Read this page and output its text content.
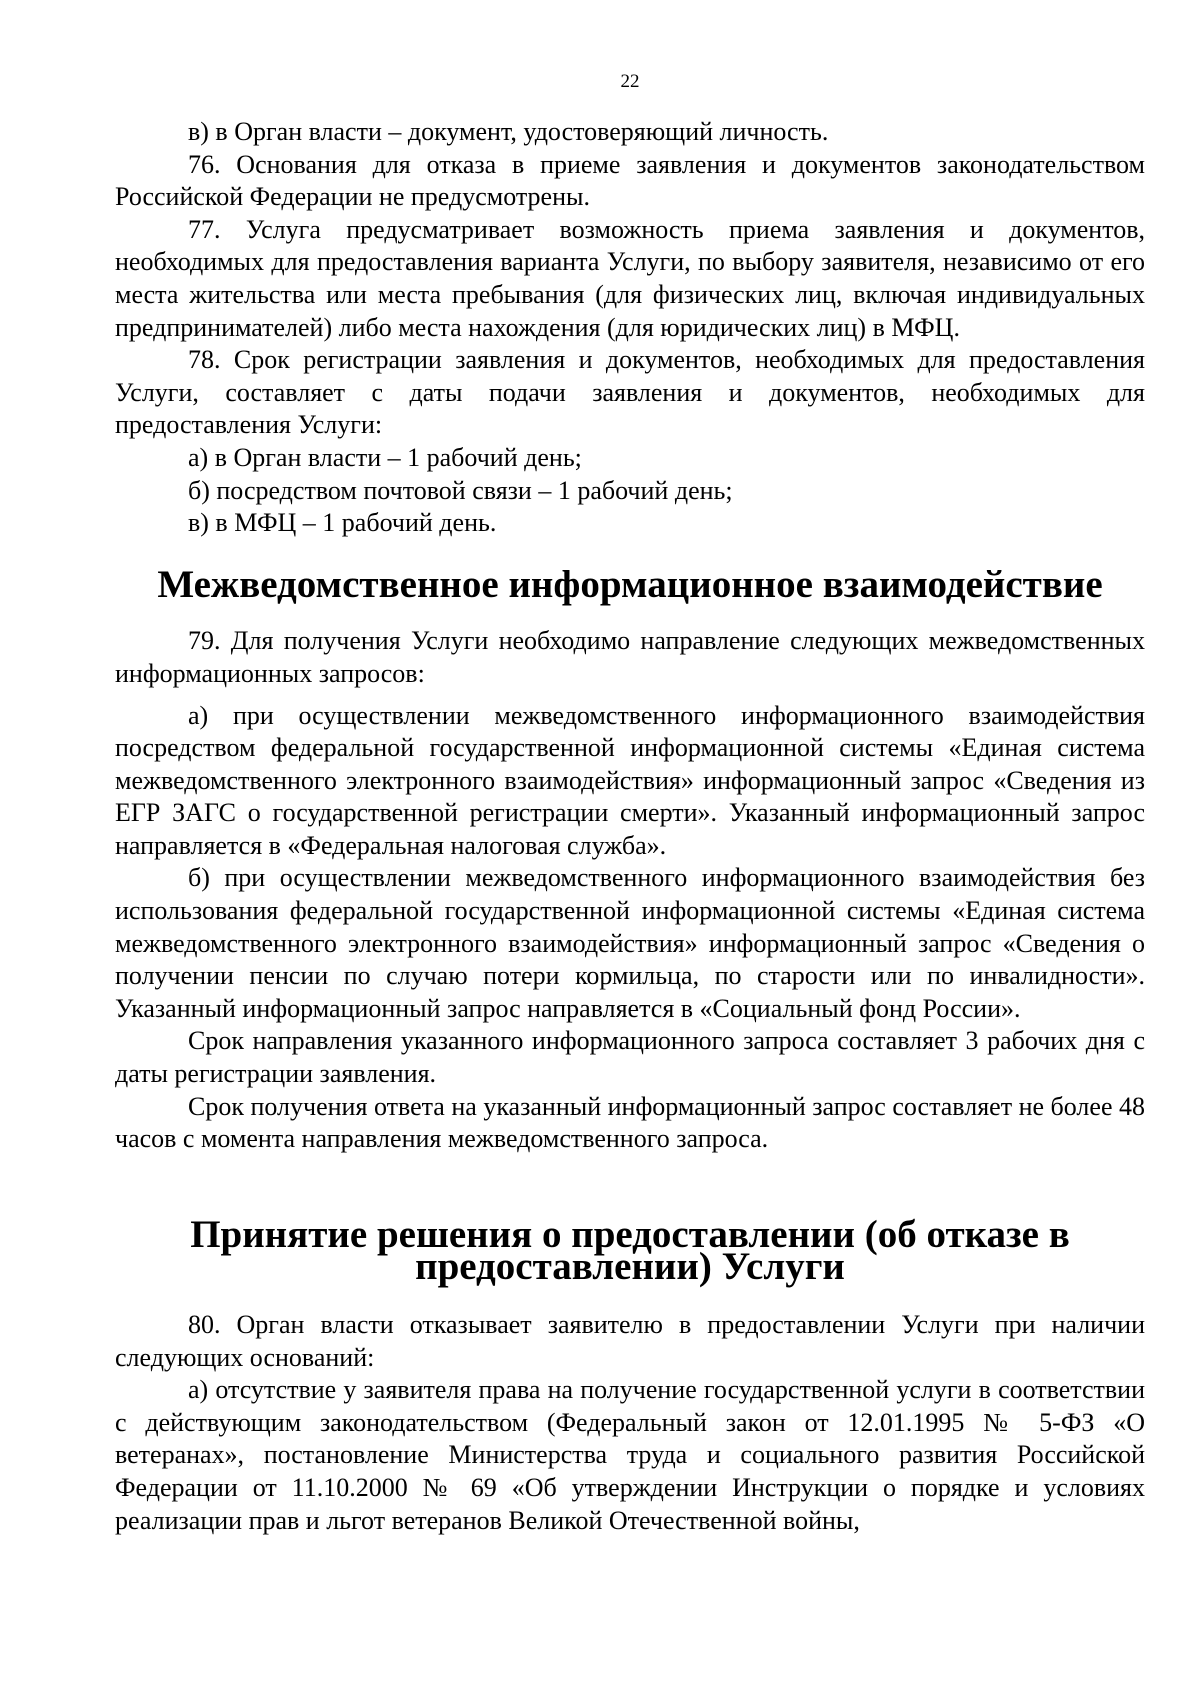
22

в) в Орган власти – документ, удостоверяющий личность.

76. Основания для отказа в приеме заявления и документов законодательством Российской Федерации не предусмотрены.

77. Услуга предусматривает возможность приема заявления и документов, необходимых для предоставления варианта Услуги, по выбору заявителя, независимо от его места жительства или места пребывания (для физических лиц, включая индивидуальных предпринимателей) либо места нахождения (для юридических лиц) в МФЦ.

78. Срок регистрации заявления и документов, необходимых для предоставления Услуги, составляет с даты подачи заявления и документов, необходимых для предоставления Услуги:

а) в Орган власти – 1 рабочий день;

б) посредством почтовой связи – 1 рабочий день;

в) в МФЦ – 1 рабочий день.

Межведомственное информационное взаимодействие

79. Для получения Услуги необходимо направление следующих межведомственных информационных запросов:

а) при осуществлении межведомственного информационного взаимодействия посредством федеральной государственной информационной системы «Единая система межведомственного электронного взаимодействия» информационный запрос «Сведения из ЕГР ЗАГС о государственной регистрации смерти». Указанный информационный запрос направляется в «Федеральная налоговая служба».

б) при осуществлении межведомственного информационного взаимодействия без использования федеральной государственной информационной системы «Единая система межведомственного электронного взаимодействия» информационный запрос «Сведения о получении пенсии по случаю потери кормильца, по старости или по инвалидности». Указанный информационный запрос направляется в «Социальный фонд России».

Срок направления указанного информационного запроса составляет 3 рабочих дня с даты регистрации заявления.

Срок получения ответа на указанный информационный запрос составляет не более 48 часов с момента направления межведомственного запроса.

Принятие решения о предоставлении (об отказе в предоставлении) Услуги

80. Орган власти отказывает заявителю в предоставлении Услуги при наличии следующих оснований:

а) отсутствие у заявителя права на получение государственной услуги в соответствии с действующим законодательством (Федеральный закон от 12.01.1995 № 5-ФЗ «О ветеранах», постановление Министерства труда и социального развития Российской Федерации от 11.10.2000 № 69 «Об утверждении Инструкции о порядке и условиях реализации прав и льгот ветеранов Великой Отечественной войны,
